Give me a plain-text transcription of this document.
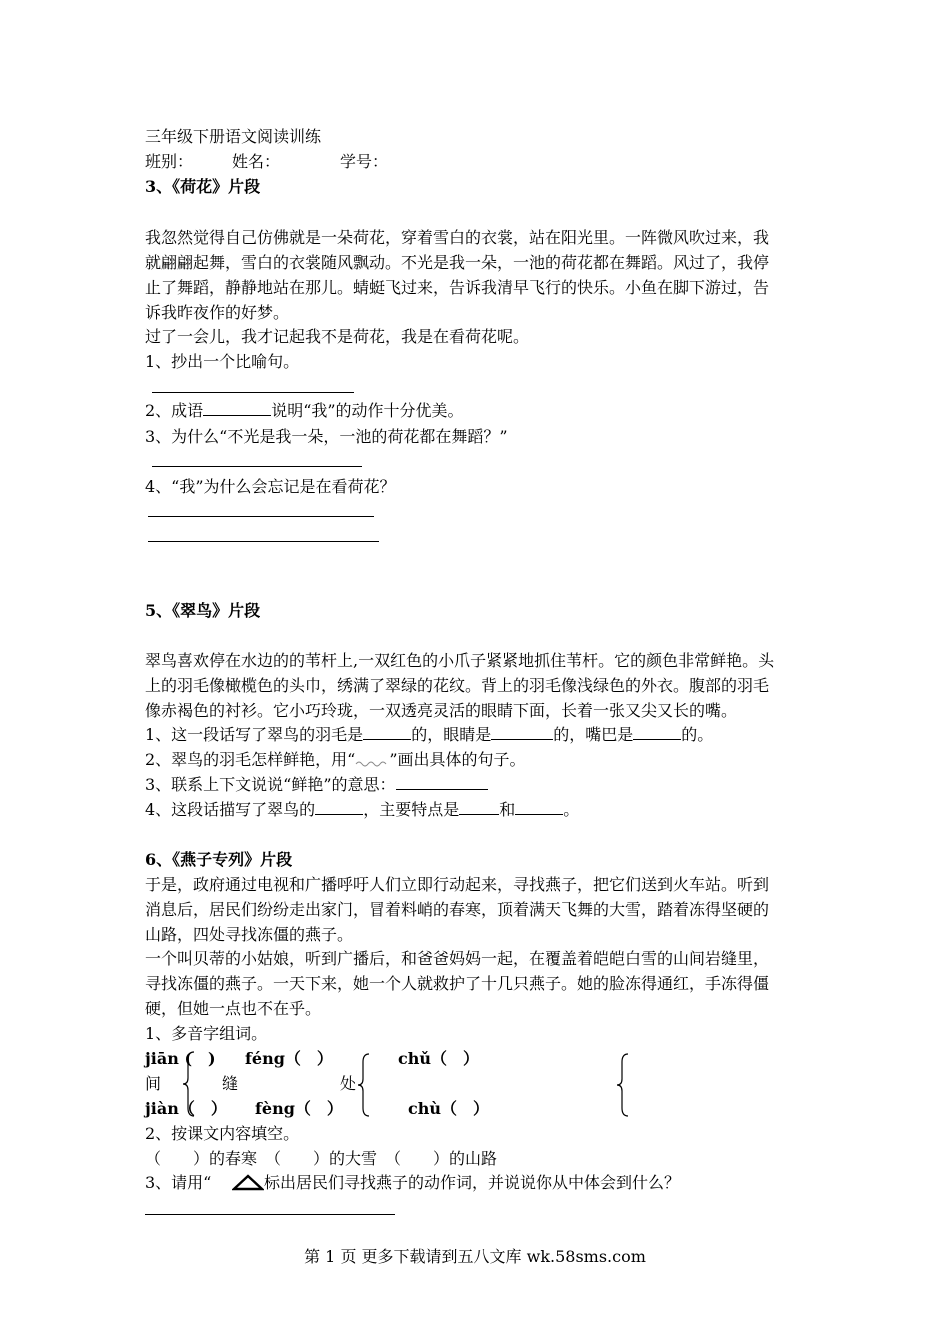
三年级下册语文阅读训练
班别： 姓名：	学号：
3、《荷花》片段
我忽然觉得自己仿佛就是一朵荷花，穿着雪白的衣裳，站在阳光里。一阵微风吹过来，我
就翩翩起舞，雪白的衣裳随风飘动。不光是我一朵，一池的荷花都在舞蹈。风过了，我停
止了舞蹈，静静地站在那儿。蜻蜓飞过来，告诉我清早飞行的快乐。小鱼在脚下游过，告
诉我昨夜作的好梦。
过了一会儿，我才记起我不是荷花，我是在看荷花呢。
1、抄出一个比喻句。
2、成语	说明“我”的动作十分优美。
3、为什么“不光是我一朵，一池的荷花都在舞蹈？”
4、“我”为什么会忘记是在看荷花？
5、《翠鸟》片段
翠鸟喜欢停在水边的的苇杆上,一双红色的小爪子紧紧地抓住苇杆。它的颜色非常鲜艳。头
上的羽毛像橄榄色的头巾，绣满了翠绿的花纹。背上的羽毛像浅绿色的外衣。腹部的羽毛
像赤褐色的衬衫。它小巧玲珑，一双透亮灵活的眼睛下面，长着一张又尖又长的嘴。
1、这一段话写了翠鸟的羽毛是	的，眼睛是	的，嘴巴是	的。
2、翠鸟的羽毛怎样鲜艳，用“ ”画出具体的句子。
3、联系上下文说说“鲜艳”的意思：
4、这段话描写了翠鸟的	，主要特点是	和	。
6、《燕子专列》片段
于是，政府通过电视和广播呼吁人们立即行动起来，寻找燕子，把它们送到火车站。听到
消息后，居民们纷纷走出家门，冒着料峭的春寒，顶着满天飞舞的大雪，踏着冻得坚硬的
山路，四处寻找冻僵的燕子。
一个叫贝蒂的小姑娘，听到广播后，和爸爸妈妈一起，在覆盖着皑皑白雪的山间岩缝里，
寻找冻僵的燕子。一天下来，她一个人就救护了十几只燕子。她的脸冻得通红，手冻得僵
硬，但她一点也不在乎。
1、多音字组词。
jiān (　) féng（　）	chǔ（　）
间	缝	处
jiàn（　） fèng（　）	chù（　）
2、按课文内容填空。
（　　）的春寒　（　　）的大雪　（　　）的山路
3、请用“	标出居民们寻找燕子的动作词，并说说你从中体会到什么？
第 1 页 更多下载请到五八文库 wk.58sms.com
